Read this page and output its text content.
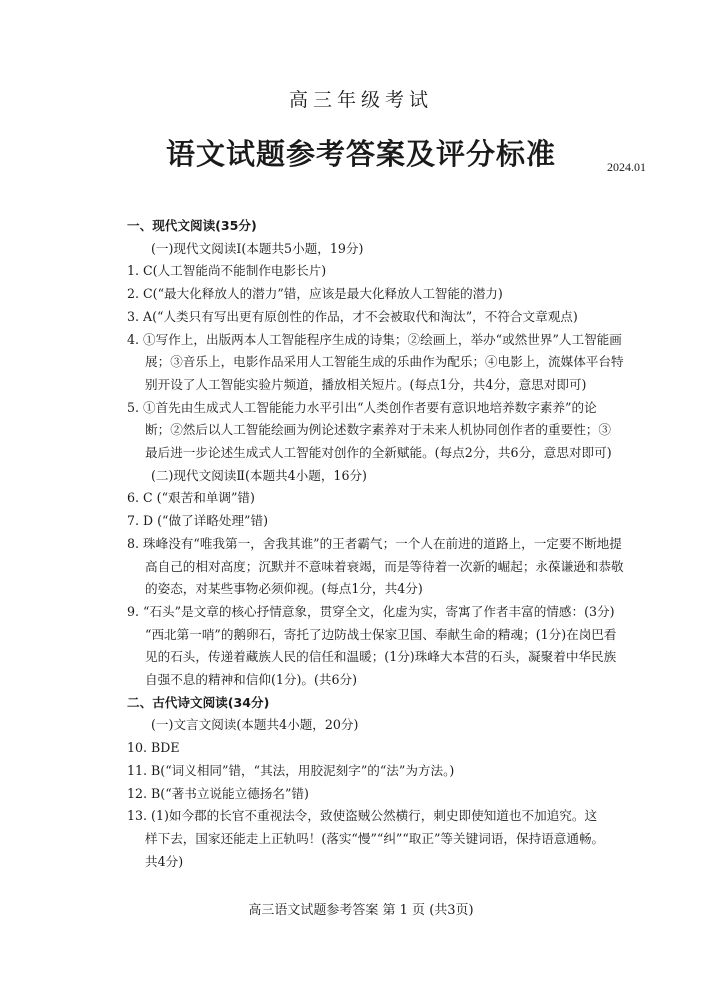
高三年级考试
语文试题参考答案及评分标准	2024.01
一、现代文阅读(35分)
(一)现代文阅读Ⅰ(本题共5小题，19分)
1. C(人工智能尚不能制作电影长片)
2. C(“最大化释放人的潜力”错，应该是最大化释放人工智能的潜力)
3. A(“人类只有写出更有原创性的作品，才不会被取代和淘汰”，不符合文章观点)
4. ①写作上，出版两本人工智能程序生成的诗集；②绘画上，举办“或然世界”人工智能画
展；③音乐上，电影作品采用人工智能生成的乐曲作为配乐；④电影上，流媒体平台特
别开设了人工智能实验片频道，播放相关短片。(每点1分，共4分，意思对即可)
5. ①首先由生成式人工智能能力水平引出“人类创作者要有意识地培养数字素养”的论
断；②然后以人工智能绘画为例论述数字素养对于未来人机协同创作者的重要性；③
最后进一步论述生成式人工智能对创作的全新赋能。(每点2分，共6分，意思对即可)
(二)现代文阅读Ⅱ(本题共4小题，16分)
6. C (“艰苦和单调”错)
7. D (“做了详略处理”错)
8. 珠峰没有“唯我第一，舍我其谁”的王者霸气；一个人在前进的道路上，一定要不断地提
高自己的相对高度；沉默并不意味着衰竭，而是等待着一次新的崛起；永葆谦逊和恭敬
的姿态，对某些事物必须仰视。(每点1分，共4分)
9. “石头”是文章的核心抒情意象，贯穿全文，化虚为实，寄寓了作者丰富的情感：(3分)
“西北第一哨”的鹅卵石，寄托了边防战士保家卫国、奉献生命的精魂；(1分)在岗巴看
见的石头，传递着藏族人民的信任和温暖；(1分)珠峰大本营的石头，凝聚着中华民族
自强不息的精神和信仰(1分)。(共6分)
二、古代诗文阅读(34分)
(一)文言文阅读(本题共4小题，20分)
10. BDE
11. B(“词义相同”错，“其法，用胶泥刻字”的“法”为方法。)
12. B(“著书立说能立德扬名”错)
13. (1)如今郡的长官不重视法令，致使盗贼公然横行，刺史即使知道也不加追究。这
样下去，国家还能走上正轨吗！(落实“慢”“纠”“取正”等关键词语，保持语意通畅。
共4分)
高三语文试题参考答案 第 1 页 (共3页)
